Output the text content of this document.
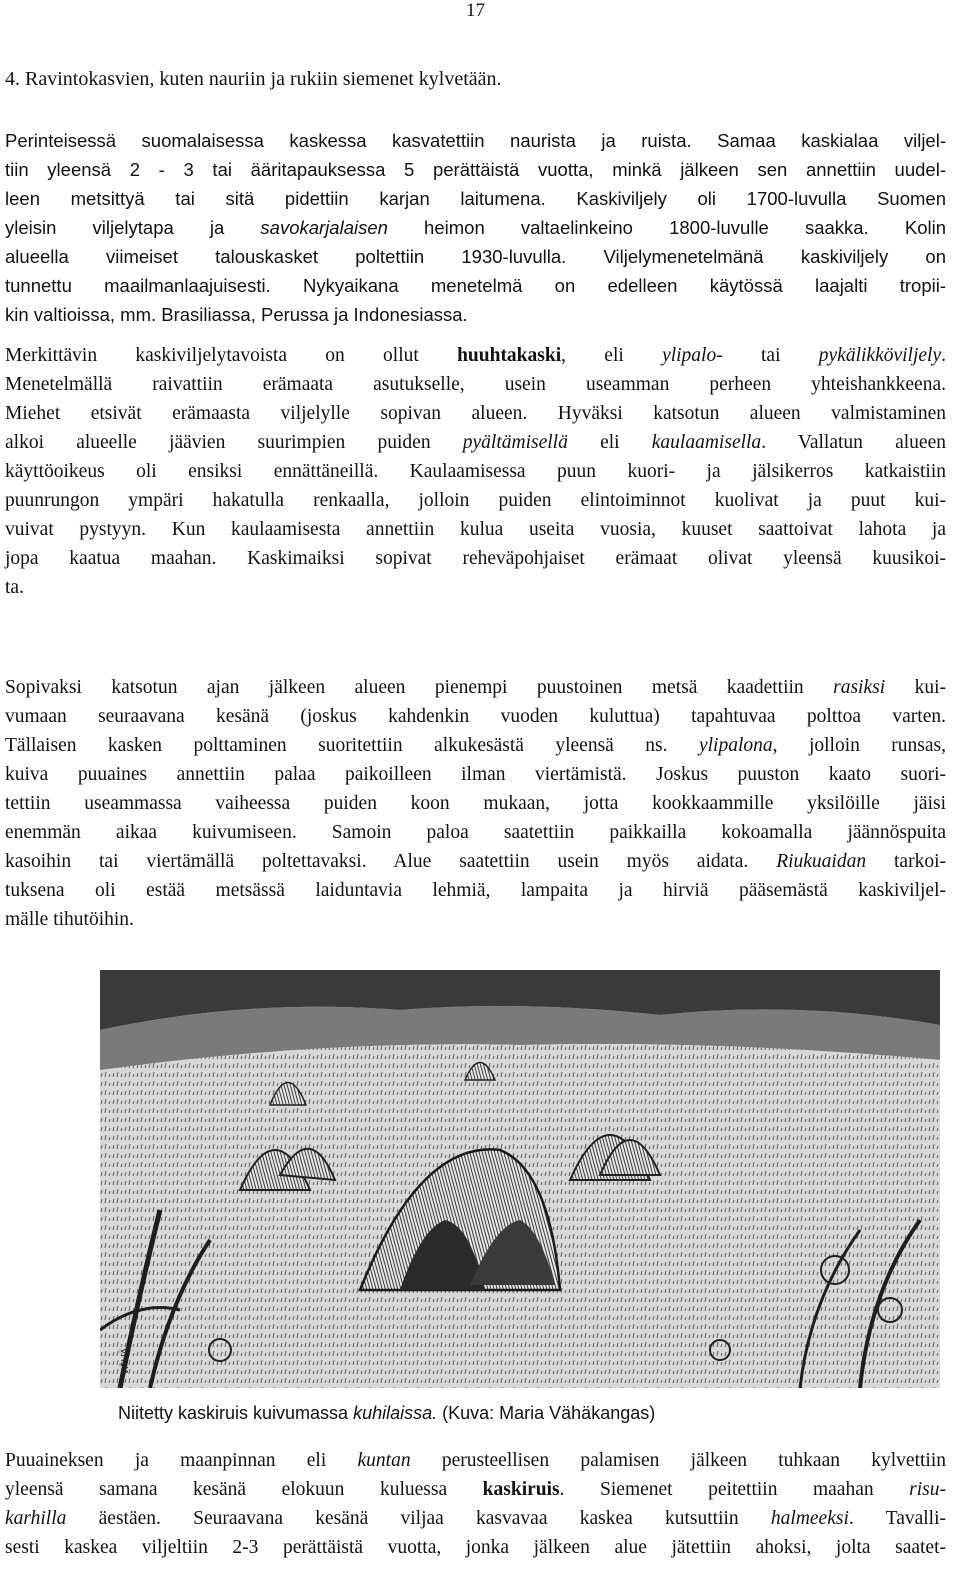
17
4. Ravintokasvien, kuten nauriin ja rukiin siemenet kylvetään.
Perinteisessä suomalaisessa kaskessa kasvatettiin naurista ja ruista. Samaa kaskialaa viljel-
tiin yleensä 2 - 3 tai ääritapauksessa 5 perättäistä vuotta, minkä jälkeen sen annettiin uudel-
leen metsittyä tai sitä pidettiin karjan laitumena. Kaskiviljely oli 1700-luvulla Suomen
yleisin viljelytapa ja savokarjalaisen heimon valtaelinkeino 1800-luvulle saakka. Kolin
alueella viimeiset talouskasket poltettiin 1930-luvulla. Viljelymenetelmänä kaskiviljely on
tunnettu maailmanlaajuisesti. Nykyaikana menetelmä on edelleen käytössä laajalti tropii-
kin valtioissa, mm. Brasiliassa, Perussa ja Indonesiassa.
Merkittävin kaskiviljelytavoista on ollut huuhtakaski, eli ylipalo- tai pykälikköviljely.
Menetelmällä raivattiin erämaata asutukselle, usein useamman perheen yhteishankkeena.
Miehet etsivät erämaasta viljelylle sopivan alueen. Hyväksi katsotun alueen valmistaminen
alkoi alueelle jäävien suurimpien puiden pyältämisellä eli kaulaamisella. Vallatun alueen
käyttöoikeus oli ensiksi ennättäneillä. Kaulaamisessa puun kuori- ja jälsikerros katkaistiin
puunrungon ympäri hakatulla renkaalla, jolloin puiden elintoiminnot kuolivat ja puut kui-
vuivat pystyyn. Kun kaulaamisesta annettiin kulua useita vuosia, kuuset saattoivat lahota ja
jopa kaatua maahan. Kaskimaiksi sopivat reheväpohjaiset erämaat olivat yleensä kuusikoi-
ta.
Sopivaksi katsotun ajan jälkeen alueen pienempi puustoinen metsä kaadettiin rasiksi kui-
vumaan seuraavana kesänä (joskus kahdenkin vuoden kuluttua) tapahtuvaa polttoa varten.
Tällaisen kasken polttaminen suoritettiin alkukesästä yleensä ns. ylipalona, jolloin runsas,
kuiva puuaines annettiin palaa paikoilleen ilman viertämistä. Joskus puuston kaato suori-
tettiin useammassa vaiheessa puiden koon mukaan, jotta kookkaammille yksilöille jäisi
enemmän aikaa kuivumiseen. Samoin paloa saatettiin paikkailla kokoamalla jäännöspuita
kasoihin tai viertämällä poltettavaksi. Alue saatettiin usein myös aidata. Riukuaidan tarkoi-
tuksena oli estää metsässä laiduntavia lehmiä, lampaita ja hirviä pääsemästä kaskiviljel-
mälle tihutöihin.
VÄHÄ
Niitetty kaskiruis kuivumassa kuhilaissa. (Kuva: Maria Vähäkangas)
Puuaineksen ja maanpinnan eli kuntan perusteellisen palamisen jälkeen tuhkaan kylvettiin
yleensä samana kesänä elokuun kuluessa kaskiruis. Siemenet peitettiin maahan risu-
karhilla äestäen. Seuraavana kesänä viljaa kasvavaa kaskea kutsuttiin halmeeksi. Tavalli-
sesti kaskea viljeltiin 2-3 perättäistä vuotta, jonka jälkeen alue jätettiin ahoksi, jolta saatet-
